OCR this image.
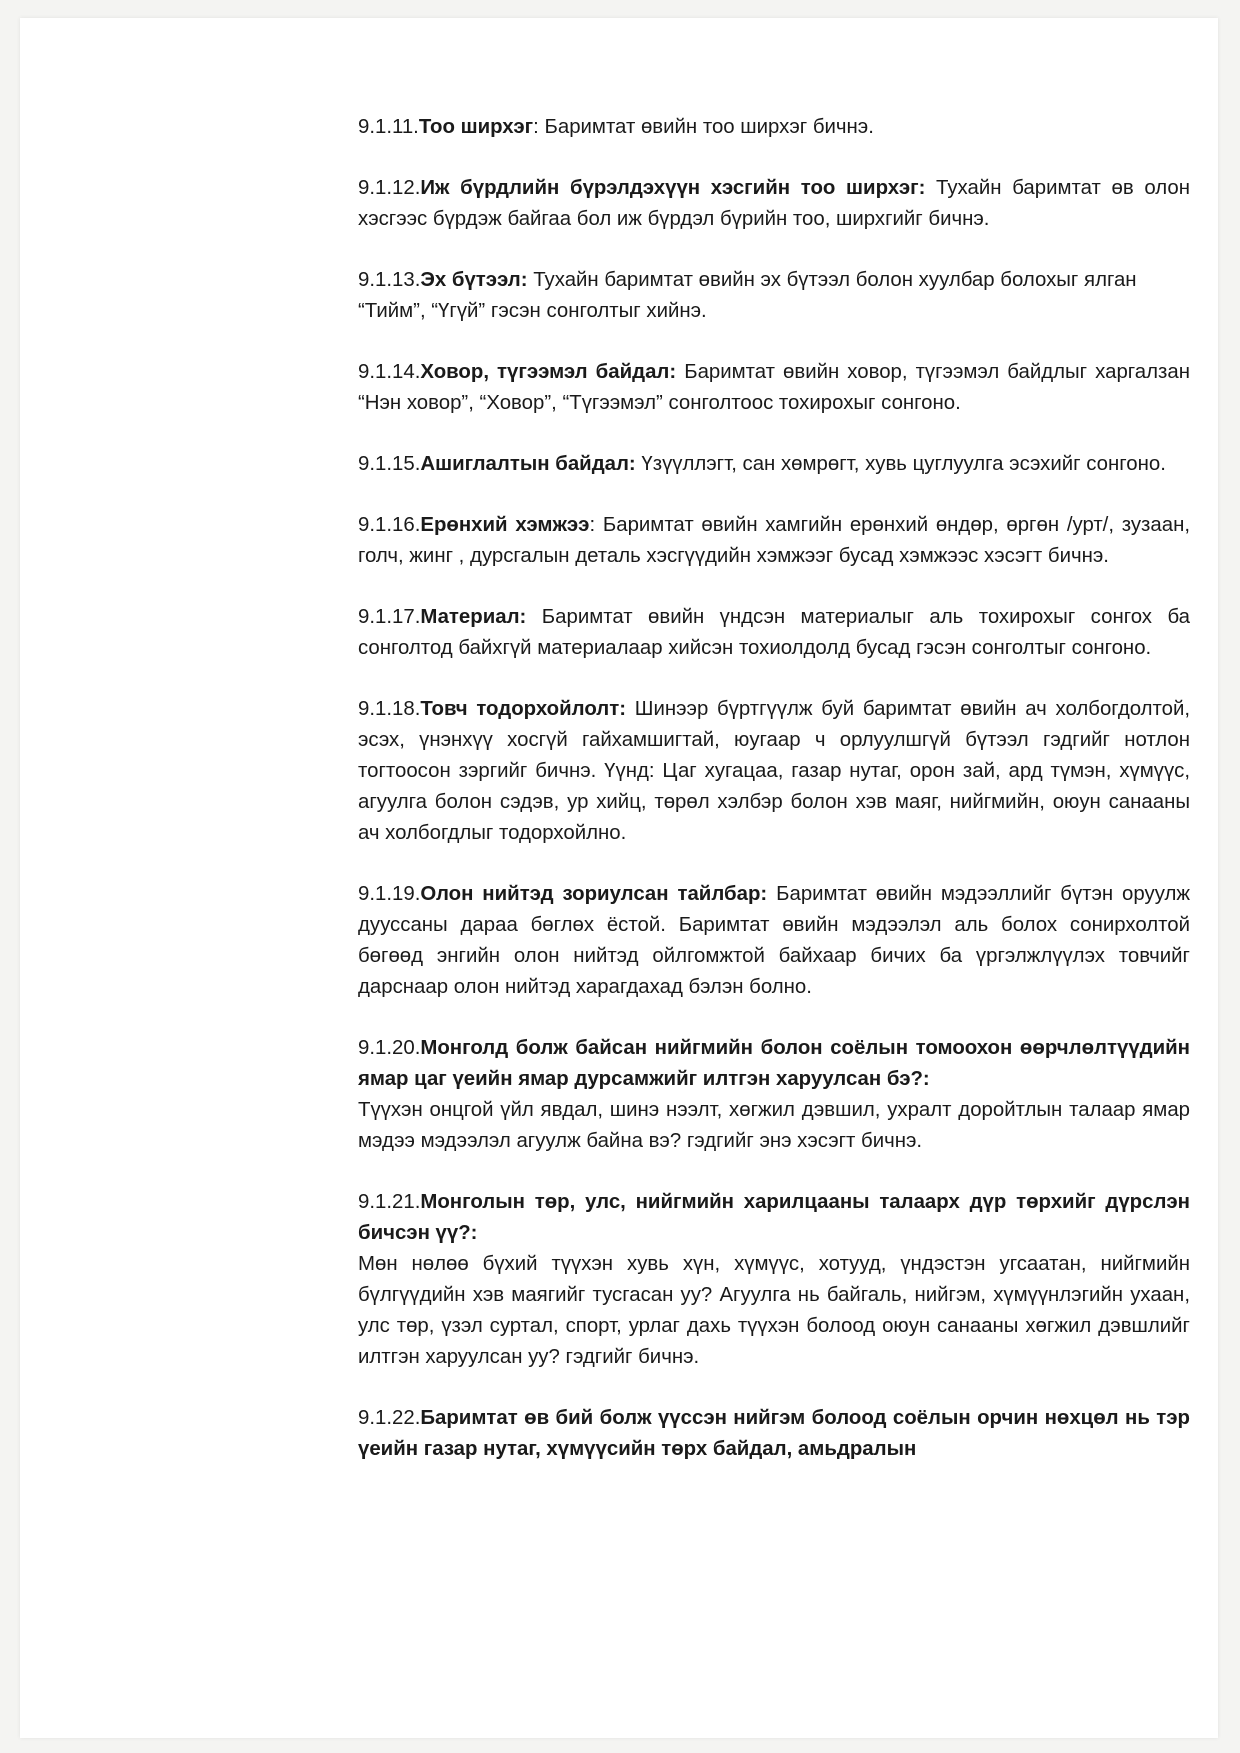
9.1.11.Тоо ширхэг: Баримтат өвийн тоо ширхэг бичнэ.

9.1.12.Иж бүрдлийн бүрэлдэхүүн хэсгийн тоо ширхэг: Тухайн баримтат өв олон хэсгээс бүрдэж байгаа бол иж бүрдэл бүрийн тоо, ширхгийг бичнэ.

9.1.13.Эх бүтээл: Тухайн баримтат өвийн эх бүтээл болон хуулбар болохыг ялган “Тийм”, “Үгүй” гэсэн сонголтыг хийнэ.

9.1.14.Ховор, түгээмэл байдал: Баримтат өвийн ховор, түгээмэл байдлыг харгалзан “Нэн ховор”, “Ховор”, “Түгээмэл” сонголтоос тохирохыг сонгоно.

9.1.15.Ашиглалтын байдал: Үзүүллэгт, сан хөмрөгт, хувь цуглуулга эсэхийг сонгоно.

9.1.16.Ерөнхий хэмжээ: Баримтат өвийн хамгийн ерөнхий өндөр, өргөн /урт/, зузаан, голч, жинг , дурсгалын деталь хэсгүүдийн хэмжээг бусад хэмжээс хэсэгт бичнэ.

9.1.17.Материал: Баримтат өвийн үндсэн материалыг аль тохирохыг сонгох ба сонголтод байхгүй материалаар хийсэн тохиолдолд бусад гэсэн сонголтыг сонгоно.

9.1.18.Товч тодорхойлолт: Шинээр бүртгүүлж буй баримтат өвийн ач холбогдолтой, эсэх, үнэнхүү хосгүй гайхамшигтай, юугаар ч орлуулшгүй бүтээл гэдгийг нотлон тогтоосон зэргийг бичнэ. Үүнд: Цаг хугацаа, газар нутаг, орон зай, ард түмэн, хүмүүс, агуулга болон сэдэв, ур хийц, төрөл хэлбэр болон хэв маяг, нийгмийн, оюун санааны ач холбогдлыг тодорхойлно.

9.1.19.Олон нийтэд зориулсан тайлбар: Баримтат өвийн мэдээллийг бүтэн оруулж дууссаны дараа бөглөх ёстой. Баримтат өвийн мэдээлэл аль болох сонирхолтой бөгөөд энгийн олон нийтэд ойлгомжтой байхаар бичих ба үргэлжлүүлэх товчийг дарснаар олон нийтэд харагдахад бэлэн болно.

9.1.20.Монголд болж байсан нийгмийн болон соёлын томоохон өөрчлөлтүүдийн ямар цаг үеийн ямар дурсамжийг илтгэн харуулсан бэ?:
Түүхэн онцгой үйл явдал, шинэ нээлт, хөгжил дэвшил, ухралт доройтлын талаар ямар мэдээ мэдээлэл агуулж байна вэ? гэдгийг энэ хэсэгт бичнэ.
9.1.21.Монголын төр, улс, нийгмийн харилцааны талаарх дүр төрхийг дүрслэн бичсэн үү?:
Мөн нөлөө бүхий түүхэн хувь хүн, хүмүүс, хотууд, үндэстэн угсаатан, нийгмийн бүлгүүдийн хэв маягийг тусгасан уу? Агуулга нь байгаль, нийгэм, хүмүүнлэгийн ухаан, улс төр, үзэл суртал, спорт, урлаг дахь түүхэн болоод оюун санааны хөгжил дэвшлийг илтгэн харуулсан уу? гэдгийг бичнэ.
9.1.22.Баримтат өв бий болж үүссэн нийгэм болоод соёлын орчин нөхцөл нь тэр үеийн газар нутаг, хүмүүсийн төрх байдал, амьдралын
